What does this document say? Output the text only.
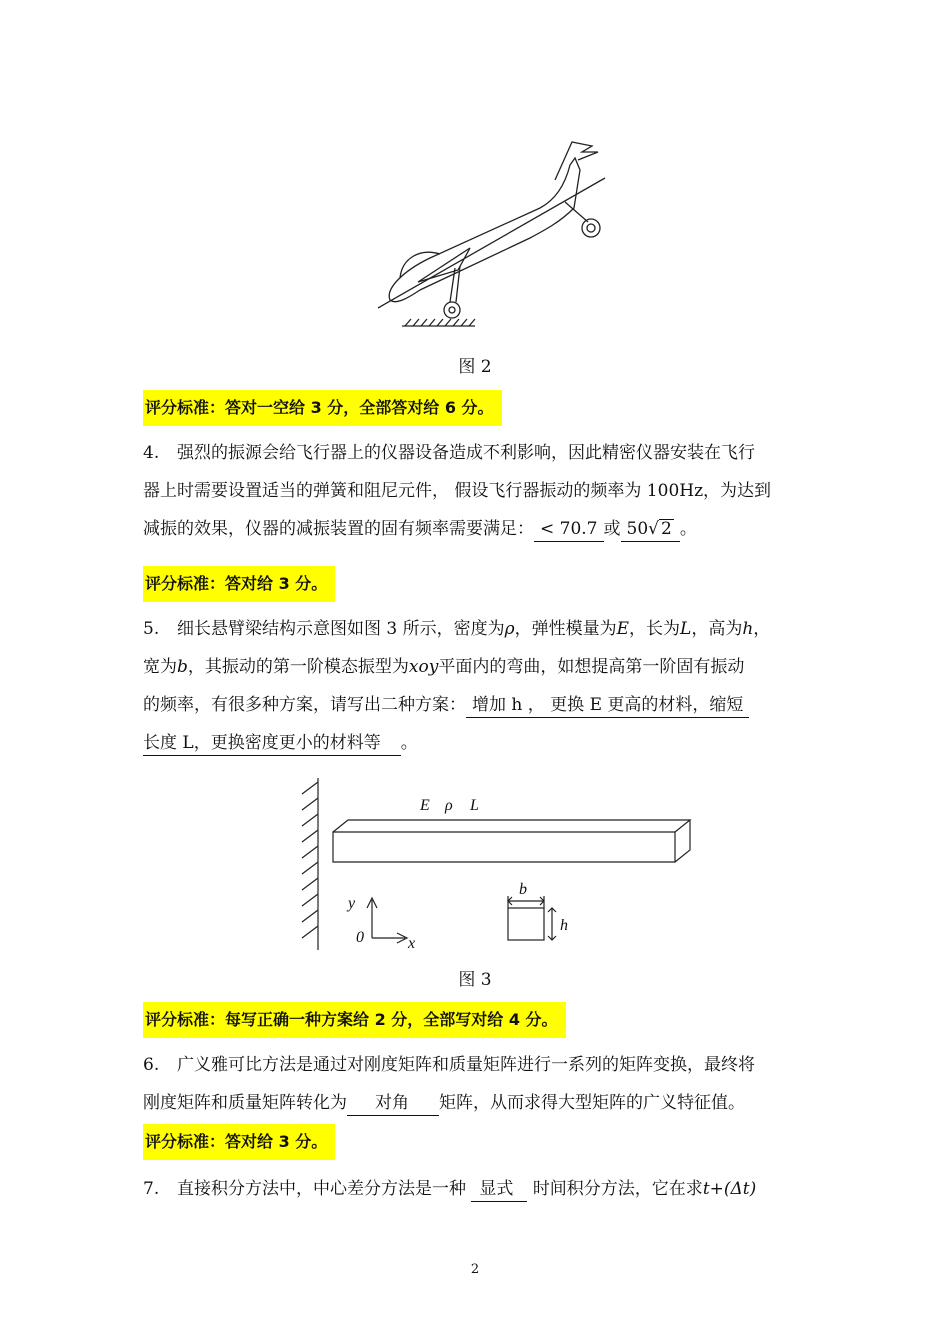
图 2
评分标准：答对一空给 3 分，全部答对给 6 分。
4. 强烈的振源会给飞行器上的仪器设备造成不利影响，因此精密仪器安装在飞行
器上时需要设置适当的弹簧和阻尼元件， 假设飞行器振动的频率为 100Hz，为达到
减振的效果，仪器的减振装置的固有频率需要满足： < 70.7 或 50√ 2 。
评分标准：答对给 3 分。
5. 细长悬臂梁结构示意图如图 3 所示，密度为ρ，弹性模量为E，长为L，高为h，
宽为b，其振动的第一阶模态振型为xoy平面内的弯曲，如想提高第一阶固有振动
的频率，有很多种方案，请写出二种方案： 增加 h ， 更换 E 更高的材料，缩短
长度 L，更换密度更小的材料等 。
E ρ L
b
h
y
x
0
图 3
评分标准：每写正确一种方案给 2 分，全部写对给 4 分。
6. 广义雅可比方法是通过对刚度矩阵和质量矩阵进行一系列的矩阵变换，最终将
刚度矩阵和质量矩阵转化为 对角 矩阵，从而求得大型矩阵的广义特征值。
评分标准：答对给 3 分。
7. 直接积分方法中，中心差分方法是一种 显式 时间积分方法，它在求t+(Δt)
2
